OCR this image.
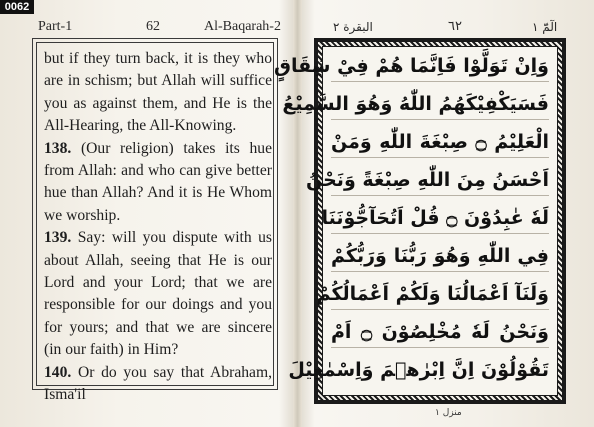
0062
Part-1	62	Al-Baqarah-2

but if they turn back, it is they who are in schism; but Allah will suffice you as against them, and He is the All-Hearing, the All-Knowing.

138. (Our religion) takes its hue from Allah: and who can give better hue than Allah? And it is He Whom we worship.

139. Say: will you dispute with us about Allah, seeing that He is our Lord and your Lord; that we are responsible for our doings and you for yours; and that we are sincere (in our faith) in Him?

140. Or do you say that Abraham, Isma'il

البقرة ٢	٦٢	الٓمّٓ ١
وَاِنْ تَوَلَّوْا فَاِنَّمَا هُمْ فِيْ شِقَاقٍ
فَسَيَكْفِيْكَهُمُ اللّٰهُ وَهُوَ السَّمِيْعُ
الْعَلِيْمُ ۝ صِبْغَةَ اللّٰهِ وَمَنْ
اَحْسَنُ مِنَ اللّٰهِ صِبْغَةً وَنَحْنُ
لَهٗ عٰبِدُوْنَ ۝ قُلْ اَتُحَآجُّوْنَنَا
فِي اللّٰهِ وَهُوَ رَبُّنَا وَرَبُّكُمْ
وَلَنَآ اَعْمَالُنَا وَلَكُمْ اَعْمَالُكُمْ
وَنَحْنُ لَهٗ مُخْلِصُوْنَ ۝ اَمْ
تَقُوْلُوْنَ اِنَّ اِبْرٰهٖمَ وَاِسْمٰعِيْلَ
منزل ١
